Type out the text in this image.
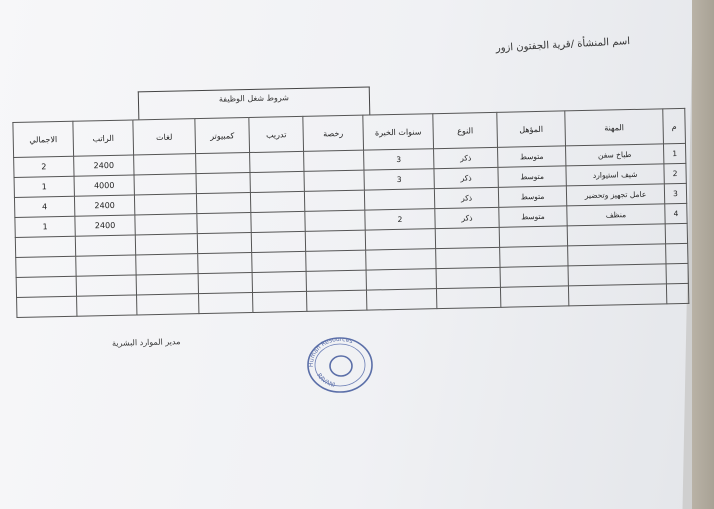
اسم المنشأة /قرية الجفتون ازور
شروط شغل الوظيفة
م	المهنة	المؤهل	النوع	سنوات الخبرة	رخصة	تدريب	كمبيوتر	لغات	الراتب	الاجمالي
1	طباخ سفن	متوسط	ذكر	3					2400	2
2	شيف استيوارد	متوسط	ذكر	3					4000	1
3	عامل تجهيز وتحضير	متوسط	ذكر						2400	4
4	منظف	متوسط	ذكر	2					2400	1

مدير الموارد البشرية
Human Resources
RAVANI
